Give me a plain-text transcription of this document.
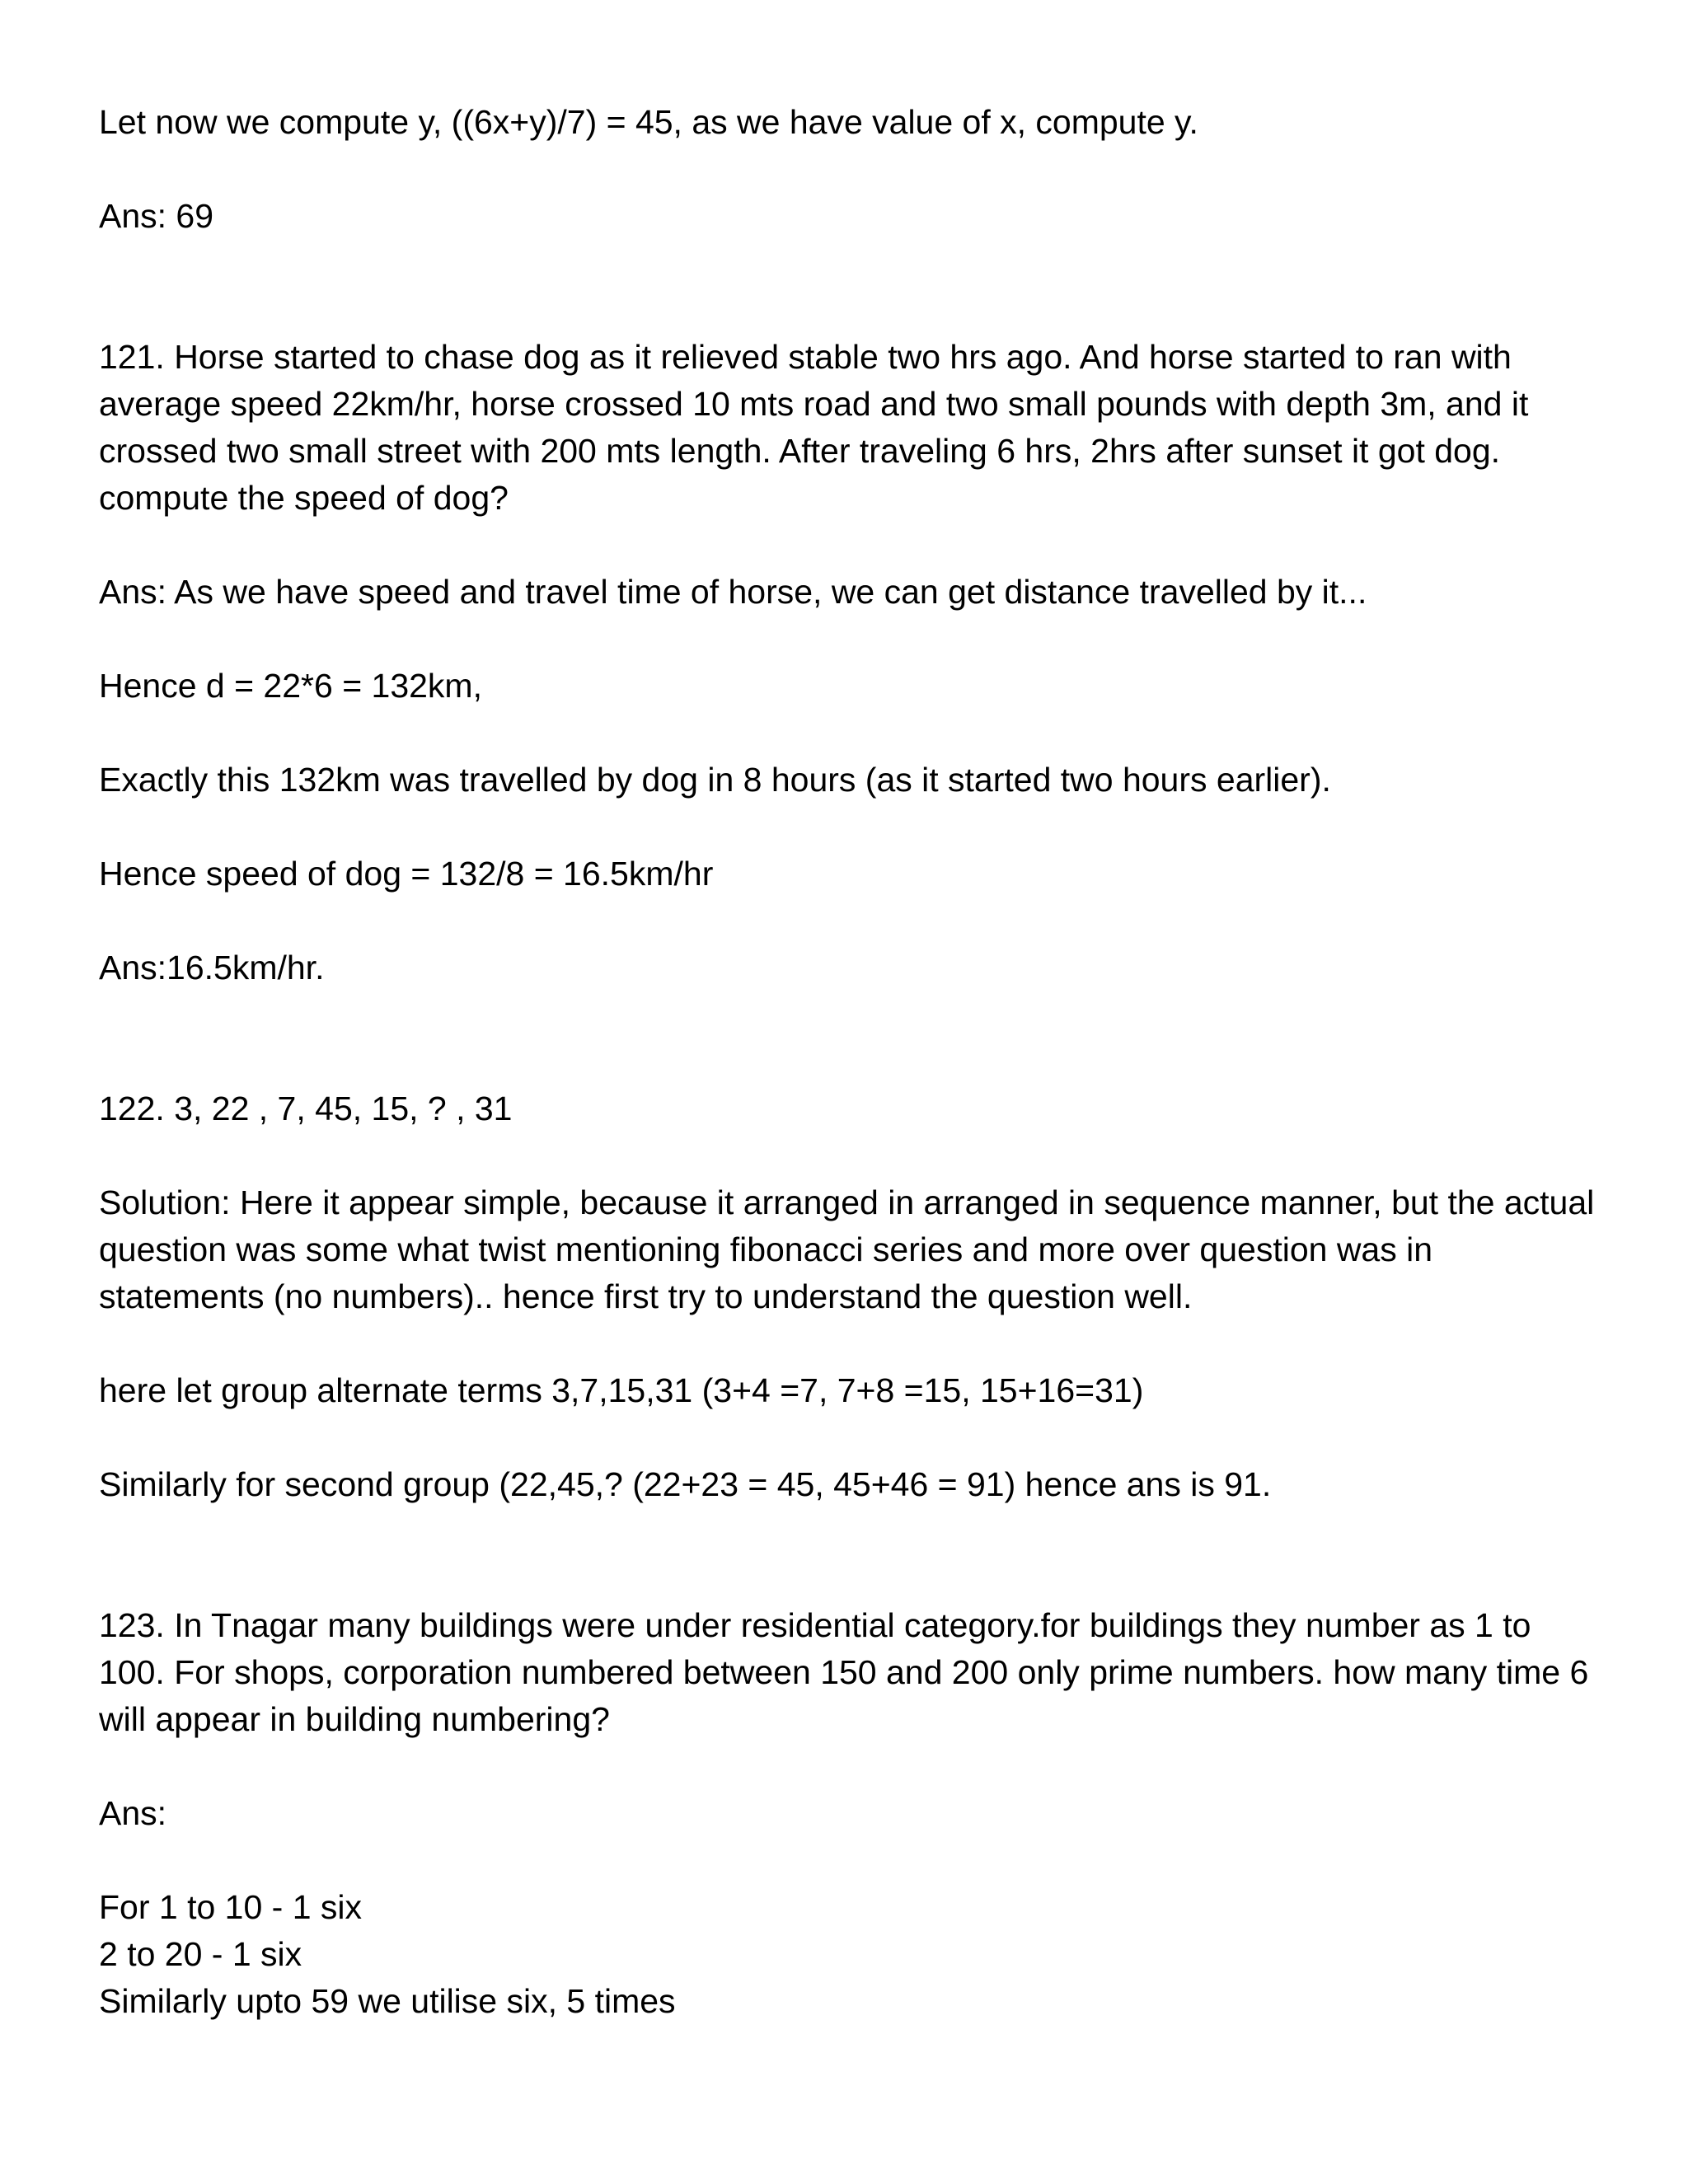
Let now we compute y, ((6x+y)/7) = 45, as we have value of x, compute y.

Ans: 69

121. Horse started to chase dog as it relieved stable two hrs ago. And horse started to ran with average speed 22km/hr, horse crossed 10 mts road and two small pounds with depth 3m, and it crossed two small street with 200 mts length. After traveling 6 hrs, 2hrs after sunset it got dog. compute the speed of dog?

Ans: As we have speed and travel time of horse, we can get distance travelled by it...

Hence d = 22*6 = 132km,

Exactly this 132km was travelled by dog in 8 hours (as it started two hours earlier).

Hence speed of dog = 132/8 = 16.5km/hr

Ans:16.5km/hr.

122. 3, 22 , 7, 45, 15, ? , 31

Solution: Here it appear simple, because it arranged in arranged in sequence manner, but the actual question was some what twist mentioning fibonacci series and more over question was in statements (no numbers).. hence first try to understand the question well.

here let group alternate terms 3,7,15,31 (3+4 =7, 7+8 =15, 15+16=31)

Similarly for second group (22,45,? (22+23 = 45, 45+46 = 91) hence ans is 91.

123. In Tnagar many buildings were under residential category.for buildings they number as 1 to 100. For shops, corporation numbered between 150 and 200 only prime numbers. how many time 6 will appear in building numbering?

Ans:

For 1 to 10 - 1 six

2 to 20 - 1 six

Similarly upto 59 we utilise six, 5 times
